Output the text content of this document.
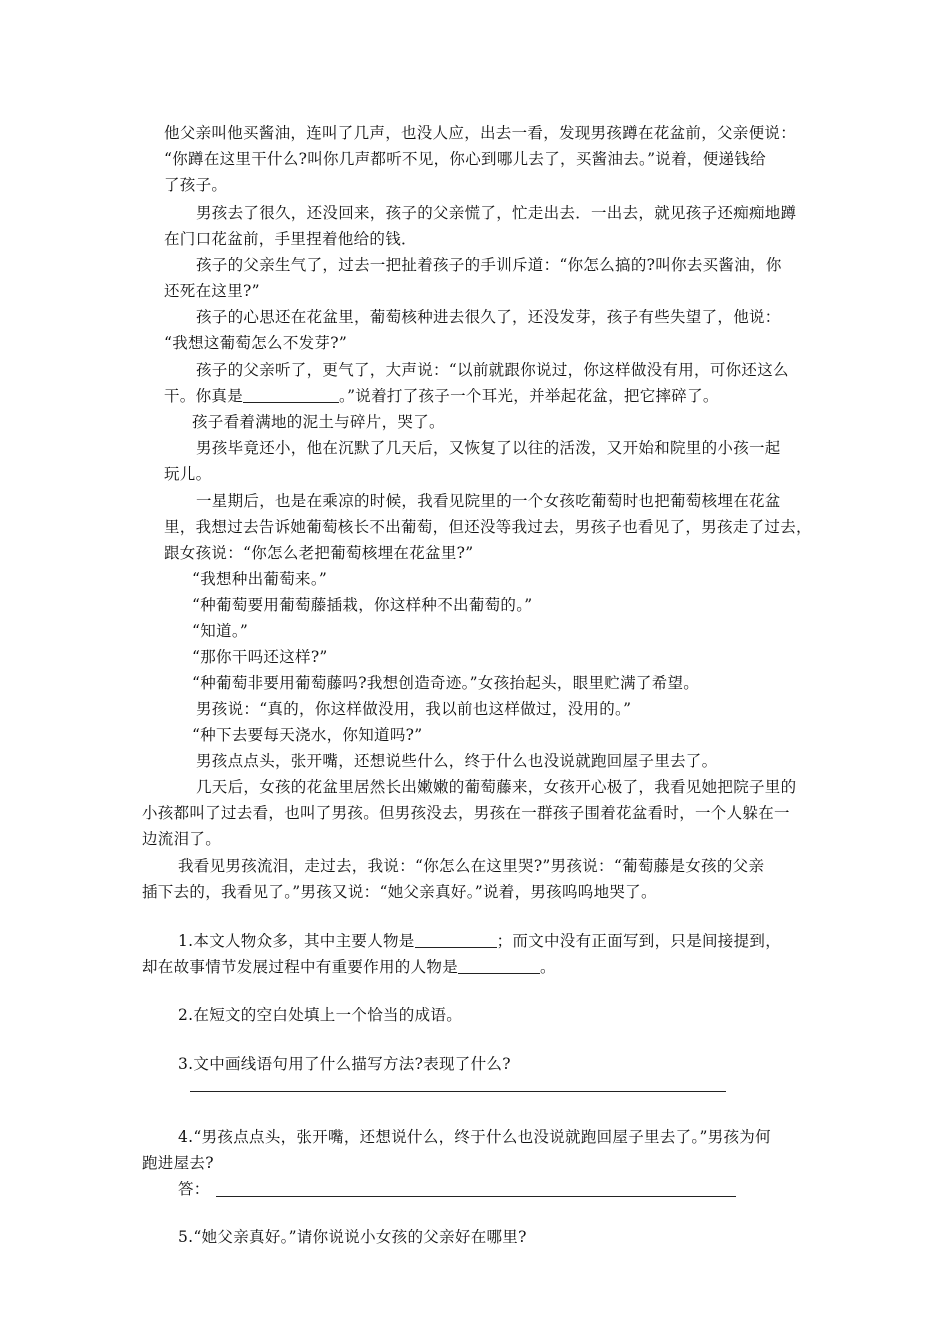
他父亲叫他买酱油，连叫了几声，也没人应，出去一看，发现男孩蹲在花盆前，父亲便说：

“你蹲在这里干什么?叫你几声都听不见，你心到哪儿去了，买酱油去。”说着，便递钱给

了孩子。

男孩去了很久，还没回来，孩子的父亲慌了，忙走出去．一出去，就见孩子还痴痴地蹲

在门口花盆前，手里捏着他给的钱．

孩子的父亲生气了，过去一把扯着孩子的手训斥道：“你怎么搞的?叫你去买酱油，你

还死在这里?”

孩子的心思还在花盆里，葡萄核种进去很久了，还没发芽，孩子有些失望了，他说：

“我想这葡萄怎么不发芽?”

孩子的父亲听了，更气了，大声说：“以前就跟你说过，你这样做没有用，可你还这么

干。你真是	。”说着打了孩子一个耳光，并举起花盆，把它摔碎了。

孩子看着满地的泥土与碎片，哭了。

男孩毕竟还小，他在沉默了几天后，又恢复了以往的活泼，又开始和院里的小孩一起

玩儿。

一星期后，也是在乘凉的时候，我看见院里的一个女孩吃葡萄时也把葡萄核埋在花盆

里，我想过去告诉她葡萄核长不出葡萄，但还没等我过去，男孩子也看见了，男孩走了过去，

跟女孩说：“你怎么老把葡萄核埋在花盆里?”

“我想种出葡萄来。”

“种葡萄要用葡萄藤插栽，你这样种不出葡萄的。”

“知道。”

“那你干吗还这样?”

“种葡萄非要用葡萄藤吗?我想创造奇迹。”女孩抬起头，眼里贮满了希望。

男孩说：“真的，你这样做没用，我以前也这样做过，没用的。”

“种下去要每天浇水，你知道吗?”

男孩点点头，张开嘴，还想说些什么，终于什么也没说就跑回屋子里去了。

几天后，女孩的花盆里居然长出嫩嫩的葡萄藤来，女孩开心极了，我看见她把院子里的

小孩都叫了过去看，也叫了男孩。但男孩没去，男孩在一群孩子围着花盆看时，一个人躲在一

边流泪了。

我看见男孩流泪，走过去，我说：“你怎么在这里哭?”男孩说：“葡萄藤是女孩的父亲

插下去的，我看见了。”男孩又说：“她父亲真好。”说着，男孩呜呜地哭了。

1.本文人物众多，其中主要人物是	；而文中没有正面写到，只是间接提到，

却在故事情节发展过程中有重要作用的人物是	。

2.在短文的空白处填上一个恰当的成语。

3.文中画线语句用了什么描写方法?表现了什么?

4.“男孩点点头，张开嘴，还想说什么，终于什么也没说就跑回屋子里去了。”男孩为何

跑进屋去?

答：

5.“她父亲真好。”请你说说小女孩的父亲好在哪里?
